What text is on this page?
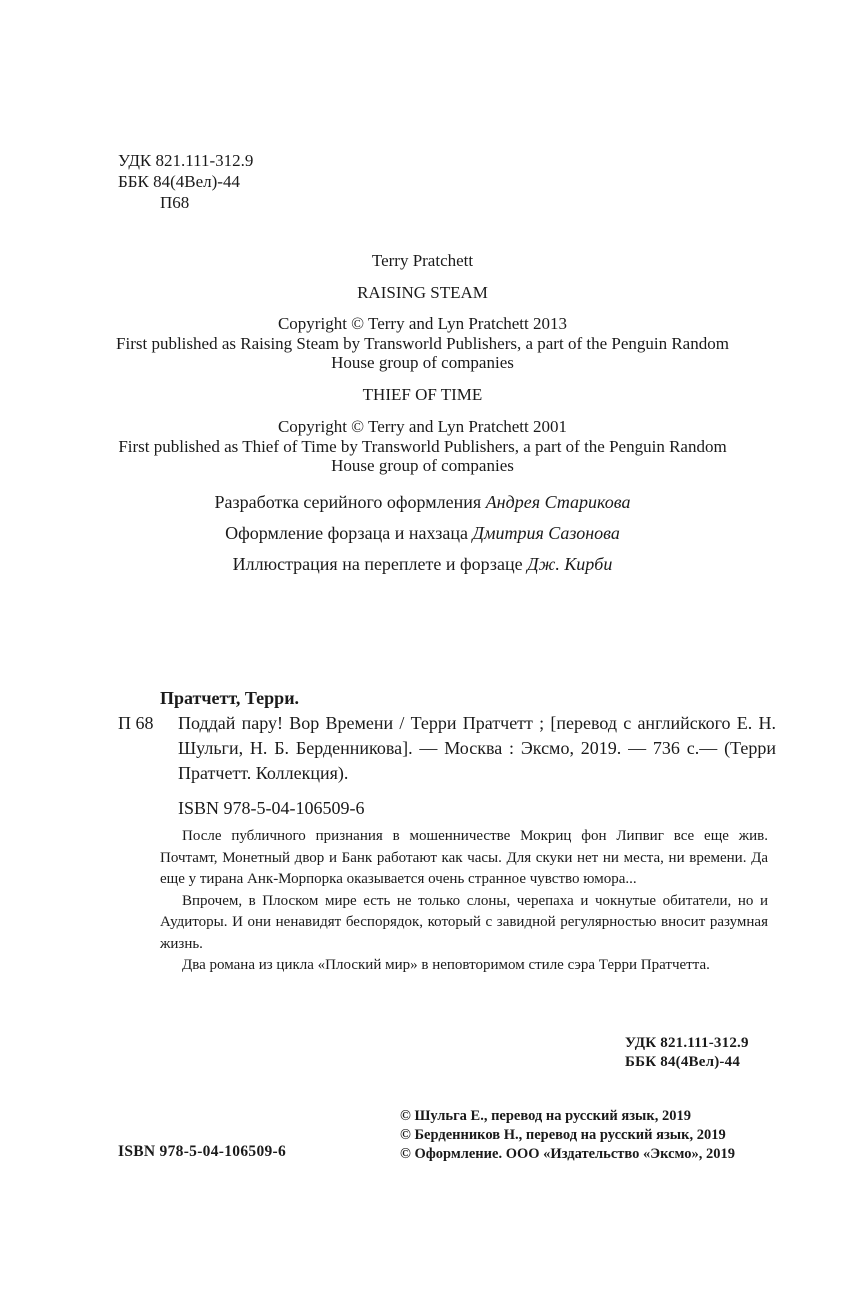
УДК 821.111-312.9
ББК 84(4Вел)-44
П68
Terry Pratchett
RAISING STEAM
Copyright © Terry and Lyn Pratchett 2013
First published as Raising Steam by Transworld Publishers, a part of the Penguin Random
House group of companies
THIEF OF TIME
Copyright © Terry and Lyn Pratchett 2001
First published as Thief of Time by Transworld Publishers, a part of the Penguin Random
House group of companies
Разработка серийного оформления Андрея Старикова
Оформление форзаца и нахзаца Дмитрия Сазонова
Иллюстрация на переплете и форзаце Дж. Кирби
Пратчетт, Терри.
П 68	Поддай пару! Вор Времени / Терри Пратчетт ; [перевод с английского Е. Н. Шульги, Н. Б. Берденникова]. — Москва : Эксмо, 2019. — 736 с.— (Терри Пратчетт. Коллекция).
ISBN 978-5-04-106509-6

После публичного признания в мошенничестве Мокриц фон Липвиг все еще жив. Почтамт, Монетный двор и Банк работают как часы. Для скуки нет ни места, ни времени. Да еще у тирана Анк-Морпорка оказывается очень странное чувство юмора...

Впрочем, в Плоском мире есть не только слоны, черепаха и чокнутые обитатели, но и Аудиторы. И они ненавидят беспорядок, который с завидной регулярностью вносит разумная жизнь.

Два романа из цикла «Плоский мир» в неповторимом стиле сэра Терри Пратчетта.

УДК 821.111-312.9
ББК 84(4Вел)-44
© Шульга Е., перевод на русский язык, 2019
© Берденников Н., перевод на русский язык, 2019
© Оформление. ООО «Издательство «Эксмо», 2019
ISBN 978-5-04-106509-6
